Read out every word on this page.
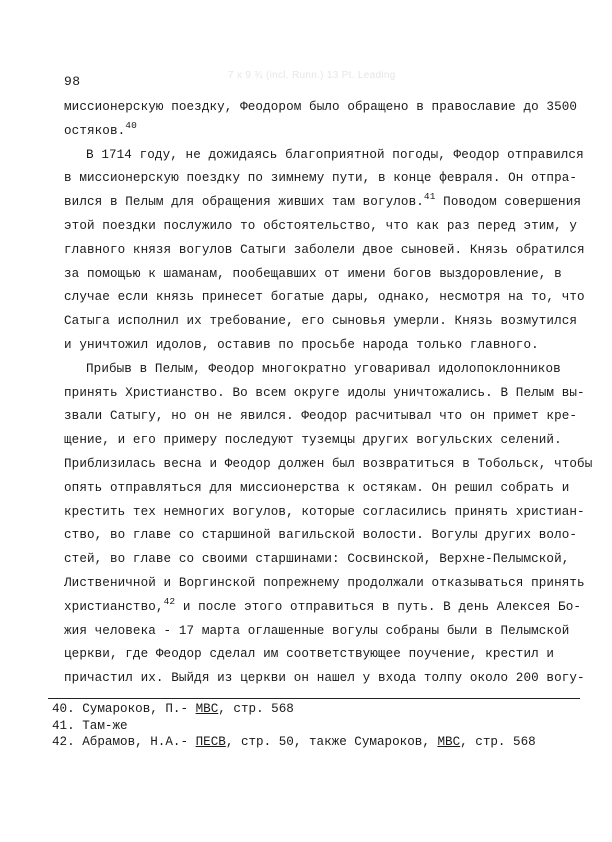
7 x 9 ¾ (incl. Runn.) 13 Pt. Leading
98
миссионерскую поездку, Феодором было обращено в православие до 3500
остяков.$^{40}$
В 1714 году, не дожидаясь благоприятной погоды, Феодор отправился
в миссионерскую поездку по зимнему пути, в конце февраля. Он отпра-
вился в Пелым для обращения живших там вогулов.$^{41}$ Поводом совершения
этой поездки послужило то обстоятельство, что как раз перед этим, у
главного князя вогулов Сатыги заболели двое сыновей. Князь обратился
за помощью к шаманам, пообещавших от имени богов выздоровление, в
случае если князь принесет богатые дары, однако, несмотря на то, что
Сатыга исполнил их требование, его сыновья умерли. Князь возмутился
и уничтожил идолов, оставив по просьбе народа только главного.
Прибыв в Пелым, Феодор многократно уговаривал идолопоклонников
принять Христианство. Во всем округе идолы уничтожались. В Пелым вы-
звали Сатыгу, но он не явился. Феодор расчитывал что он примет кре-
щение, и его примеру последуют туземцы других вогульских селений.
Приблизилась весна и Феодор должен был возвратиться в Тобольск, чтобы
опять отправляться для миссионерства к остякам. Он решил собрать и
крестить тех немногих вогулов, которые согласились принять христиан-
ство, во главе со старшиной вагильской волости. Вогулы других воло-
стей, во главе со своими старшинами: Сосвинской, Верхне-Пелымской,
Лиственичной и Воргинской попрежнему продолжали отказываться принять
христианство,$^{42}$ и после этого отправиться в путь. В день Алексея Бо-
жия человека - 17 марта оглашенные вогулы собраны были в Пелымской
церкви, где Феодор сделал им соответствующее поучение, крестил и
причастил их. Выйдя из церкви он нашел у входа толпу около 200 вогу-
40. Сумароков, П.- МВС, стр. 568
41. Там-же
42. Абрамов, Н.А.- ПЕСВ, стр. 50, также Сумароков, МВС, стр. 568
